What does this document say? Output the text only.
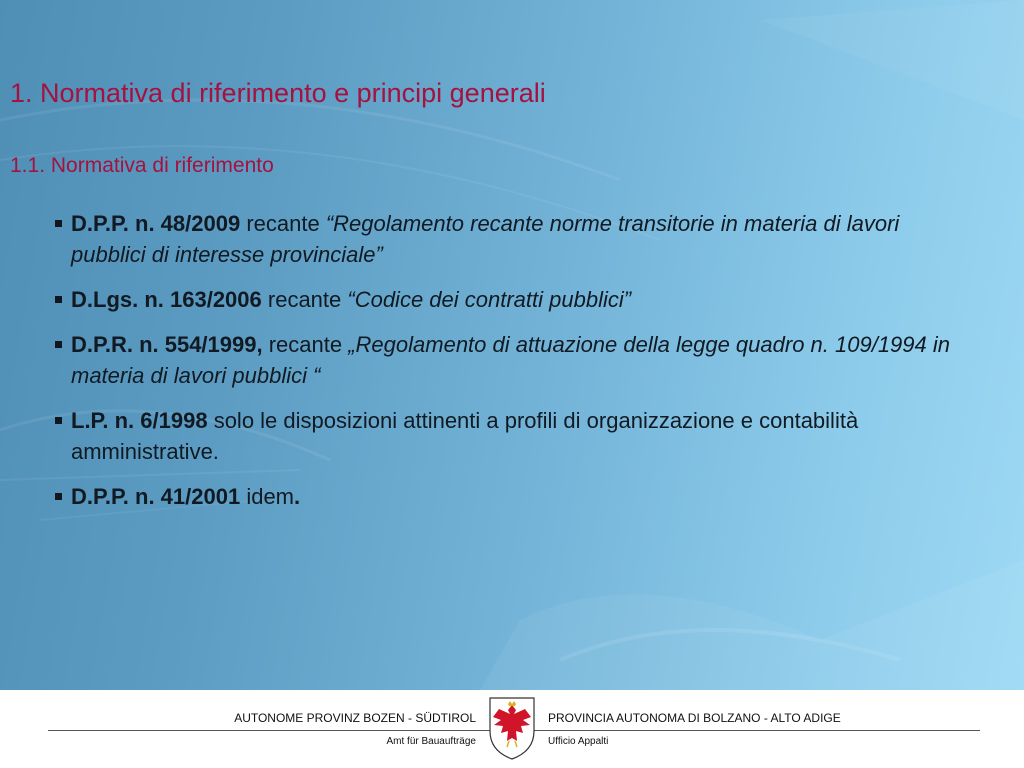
1. Normativa di riferimento e principi generali
1.1. Normativa di riferimento
D.P.P. n. 48/2009 recante “Regolamento recante norme transitorie in materia di lavori pubblici di interesse provinciale”
D.Lgs. n. 163/2006 recante “Codice dei contratti pubblici”
D.P.R. n. 554/1999, recante „Regolamento di attuazione della legge quadro n. 109/1994 in materia di lavori pubblici “
L.P. n. 6/1998 solo le disposizioni attinenti a profili di organizzazione e contabilità amministrative.
D.P.P. n. 41/2001 idem.
AUTONOME PROVINZ BOZEN - SÜDTIROL	PROVINCIA AUTONOMA DI BOLZANO - ALTO ADIGE
Amt für Bauaufträge	Ufficio Appalti
